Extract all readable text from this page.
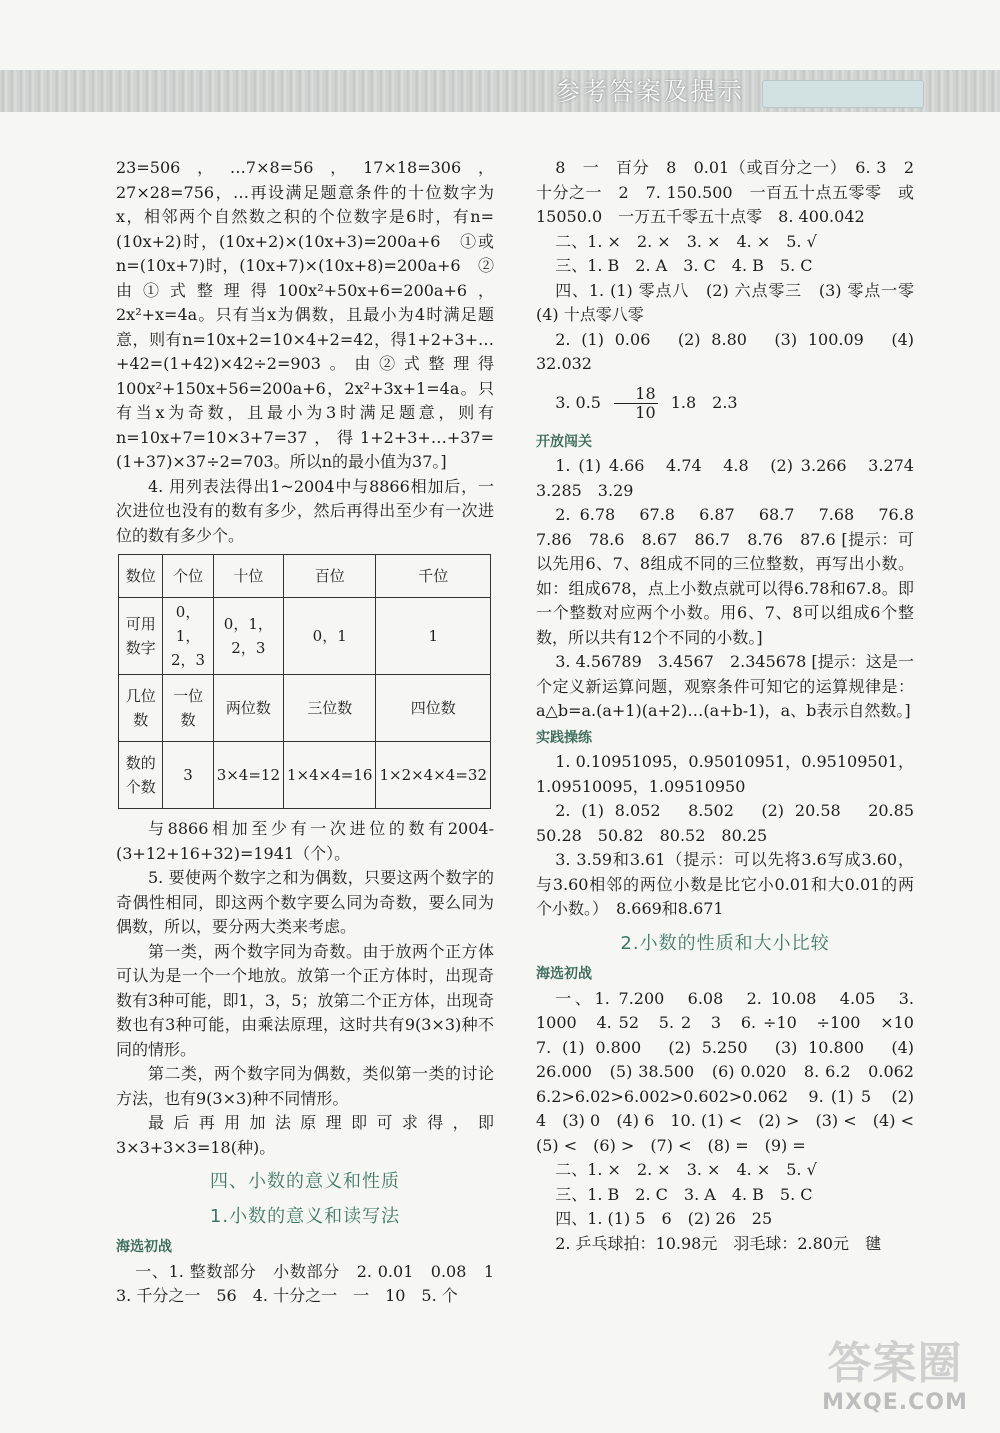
参考答案及提示

23=506，…7×8=56，17×18=306，27×28=756，…再设满足题意条件的十位数字为x，相邻两个自然数之积的个位数字是6时，有n=(10x+2)时，(10x+2)×(10x+3)=200a+6　①或n=(10x+7)时，(10x+7)×(10x+8)=200a+6　②　由①式整理得100x²+50x+6=200a+6，2x²+x=4a。只有当x为偶数，且最小为4时满足题意，则有n=10x+2=10×4+2=42，得1+2+3+…+42=(1+42)×42÷2=903。由②式整理得100x²+150x+56=200a+6，2x²+3x+1=4a。只有当x为奇数，且最小为3时满足题意，则有n=10x+7=10×3+7=37，得1+2+3+…+37=(1+37)×37÷2=703。所以n的最小值为37。]

4. 用列表法得出1~2004中与8866相加后，一次进位也没有的数有多少，然后再得出至少有一次进位的数有多少个。

数位	个位	十位	百位	千位
可用数字	0，1，2，3	0，1，2，3	0，1	1
几位数	一位数	两位数	三位数	四位数
数的个数	3	3×4=12	1×4×4=16	1×2×4×4=32

与8866相加至少有一次进位的数有2004-(3+12+16+32)=1941（个）。

5. 要使两个数字之和为偶数，只要这两个数字的奇偶性相同，即这两个数字要么同为奇数，要么同为偶数，所以，要分两大类来考虑。

第一类，两个数字同为奇数。由于放两个正方体可认为是一个一个地放。放第一个正方体时，出现奇数有3种可能，即1，3，5；放第二个正方体，出现奇数也有3种可能，由乘法原理，这时共有9(3×3)种不同的情形。

第二类，两个数字同为偶数，类似第一类的讨论方法，也有9(3×3)种不同情形。

最后再用加法原理即可求得，即3×3+3×3=18(种)。

四、小数的意义和性质
1.小数的意义和读写法
海选初战

一、1. 整数部分　小数部分　2. 0.01　0.08　1　3. 千分之一　56　4. 十分之一　一　10　5. 个

8　一　百分　8　0.01（或百分之一）　6. 3　2　十分之一　2　7. 150.500　一百五十点五零零　或15050.0　一万五千零五十点零　8. 400.042

二、1. ×　2. ×　3. ×　4. ×　5. √

三、1. B　2. A　3. C　4. B　5. C

四、1. (1) 零点八　(2) 六点零三　(3) 零点一零　(4) 十点零八零

2. (1) 0.06　(2) 8.80　(3) 100.09　(4) 32.032

3. $0.5 \frac{18}{10} 1.8$　2.3

开放闯关

1. (1) 4.66　4.74　4.8　(2) 3.266　3.274　3.285　3.29

2. 6.78　67.8　6.87　68.7　7.68　76.8　7.86　78.6　8.67　86.7　8.76　87.6 [提示：可以先用6、7、8组成不同的三位整数，再写出小数。如：组成678，点上小数点就可以得6.78和67.8。即一个整数对应两个小数。用6、7、8可以组成6个整数，所以共有12个不同的小数。]

3. 4.56789　3.4567　2.345678 [提示：这是一个定义新运算问题，观察条件可知它的运算规律是：a△b=a.(a+1)(a+2)…(a+b-1)，a、b表示自然数。]

实践操练

1. 0.10951095，0.95010951，0.95109501，1.09510095，1.09510950

2. (1) 8.052　8.502　(2) 20.58　20.85　50.28　50.82　80.52　80.25

3. 3.59和3.61（提示：可以先将3.6写成3.60，与3.60相邻的两位小数是比它小0.01和大0.01的两个小数。）　8.669和8.671

2.小数的性质和大小比较
海选初战

一、1. 7.200　6.08　2. 10.08　4.05　3. 1000　4. 52　5. 2　3　6. ÷10　÷100　×10　7. (1) 0.800　(2) 5.250　(3) 10.800　(4) 26.000　(5) 38.500　(6) 0.020　8. 6.2　0.062　6.2>6.02>6.002>0.602>0.062　9. (1) 5　(2) 4　(3) 0　(4) 6　10. (1) <　(2) >　(3) <　(4) <　(5) <　(6) >　(7) <　(8) =　(9) =

二、1. ×　2. ×　3. ×　4. ×　5. √

三、1. B　2. C　3. A　4. B　5. C

四、1. (1) 5　6　(2) 26　25

2. 乒乓球拍：10.98元　羽毛球：2.80元　毽

答案圈
MXQE.COM
